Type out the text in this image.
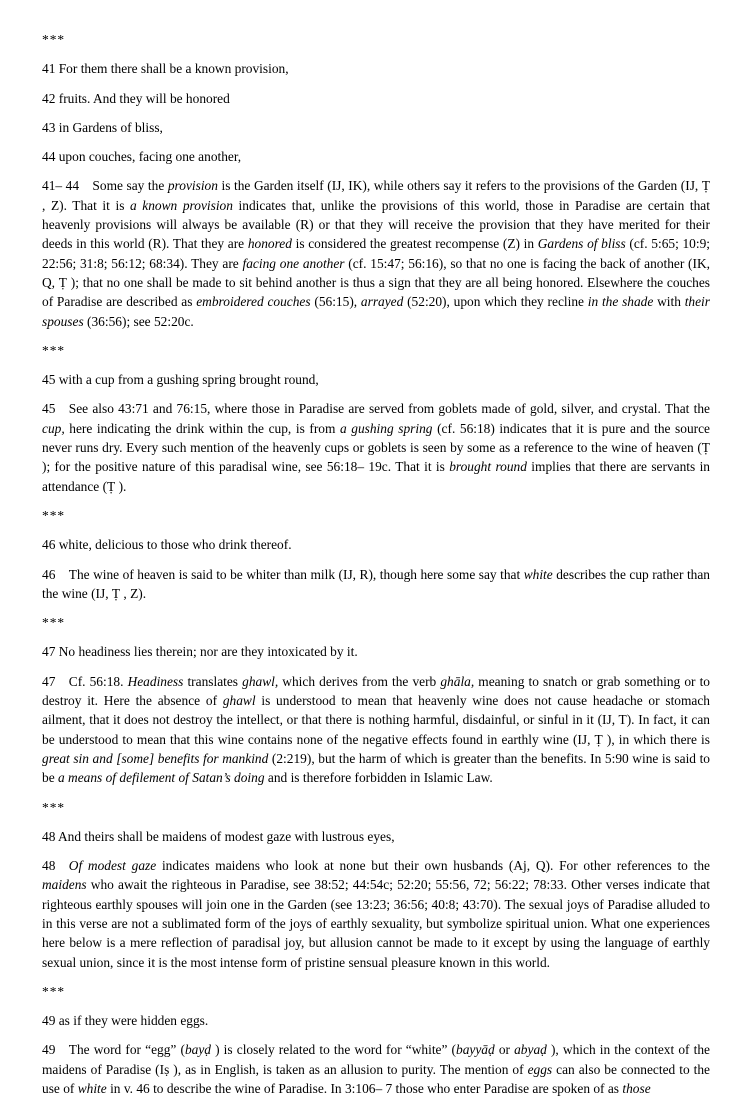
***

41 For them there shall be a known provision,

42 fruits. And they will be honored

43 in Gardens of bliss,

44 upon couches, facing one another,

41– 44 Some say the provision is the Garden itself (IJ, IK), while others say it refers to the provisions of the Garden (IJ, Ṭ , Z). That it is a known provision indicates that, unlike the provisions of this world, those in Paradise are certain that heavenly provisions will always be available (R) or that they will receive the provision that they have merited for their deeds in this world (R). That they are honored is considered the greatest recompense (Z) in Gardens of bliss (cf. 5:65; 10:9; 22:56; 31:8; 56:12; 68:34). They are facing one another (cf. 15:47; 56:16), so that no one is facing the back of another (IK, Q, Ṭ ); that no one shall be made to sit behind another is thus a sign that they are all being honored. Elsewhere the couches of Paradise are described as embroidered couches (56:15), arrayed (52:20), upon which they recline in the shade with their spouses (36:56); see 52:20c.

***

45 with a cup from a gushing spring brought round,

45 See also 43:71 and 76:15, where those in Paradise are served from goblets made of gold, silver, and crystal. That the cup, here indicating the drink within the cup, is from a gushing spring (cf. 56:18) indicates that it is pure and the source never runs dry. Every such mention of the heavenly cups or goblets is seen by some as a reference to the wine of heaven (Ṭ ); for the positive nature of this paradisal wine, see 56:18– 19c. That it is brought round implies that there are servants in attendance (Ṭ ).

***

46 white, delicious to those who drink thereof.

46 The wine of heaven is said to be whiter than milk (IJ, R), though here some say that white describes the cup rather than the wine (IJ, Ṭ , Z).

***

47 No headiness lies therein; nor are they intoxicated by it.

47 Cf. 56:18. Headiness translates ghawl, which derives from the verb ghāla, meaning to snatch or grab something or to destroy it. Here the absence of ghawl is understood to mean that heavenly wine does not cause headache or stomach ailment, that it does not destroy the intellect, or that there is nothing harmful, disdainful, or sinful in it (IJ, T). In fact, it can be understood to mean that this wine contains none of the negative effects found in earthly wine (IJ, Ṭ ), in which there is great sin and [some] benefits for mankind (2:219), but the harm of which is greater than the benefits. In 5:90 wine is said to be a means of defilement of Satan’s doing and is therefore forbidden in Islamic Law.

***

48 And theirs shall be maidens of modest gaze with lustrous eyes,

48 Of modest gaze indicates maidens who look at none but their own husbands (Aj, Q). For other references to the maidens who await the righteous in Paradise, see 38:52; 44:54c; 52:20; 55:56, 72; 56:22; 78:33. Other verses indicate that righteous earthly spouses will join one in the Garden (see 13:23; 36:56; 40:8; 43:70). The sexual joys of Paradise alluded to in this verse are not a sublimated form of the joys of earthly sexuality, but symbolize spiritual union. What one experiences here below is a mere reflection of paradisal joy, but allusion cannot be made to it except by using the language of earthly sexual union, since it is the most intense form of pristine sensual pleasure known in this world.

***

49 as if they were hidden eggs.

49 The word for “egg” (bayḍ ) is closely related to the word for “white” (bayyāḍ or abyaḍ ), which in the context of the maidens of Paradise (Iṣ ), as in English, is taken as an allusion to purity. The mention of eggs can also be connected to the use of white in v. 46 to describe the wine of Paradise. In 3:106– 7 those who enter Paradise are spoken of as those
